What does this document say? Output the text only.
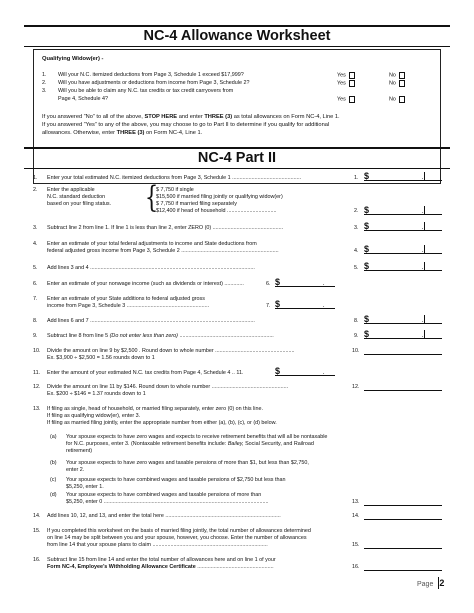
NC-4 Allowance Worksheet
Qualifying Widow(er) -
1. Will your N.C. itemized deductions from Page 3, Schedule 1 exceed $17,999?	Yes	No
2. Will you have adjustments or deductions from income from Page 3, Schedule 2?	Yes	No
3. Will you be able to claim any N.C. tax credits or tax credit carryovers from
Page 4, Schedule 4?	Yes	No
If you answered “No” to all of the above, STOP HERE and enter THREE (3) as total allowances on Form NC-4, Line 1.
If you answered “Yes” to any of the above, you may choose to go to Part II to determine if you qualify for additional
allowances. Otherwise, enter THREE (3) on Form NC-4, Line 1.
NC-4 Part II
1. Enter your total estimated N.C. itemized deductions from Page 3, Schedule 1 ..............................................	1. $	.
2. Enter the applicable
N.C. standard deduction
based on your filing status. {
$ 7,750 if single
$15,500 if married filing jointly or qualifying widow(er)
$ 7,750 if married filing separately
$12,400 if head of household .................................	2. $	.
3. Subtract line 2 from line 1. If line 1 is less than line 2, enter ZERO (0) ...............................................	3. $	.
4. Enter an estimate of your total federal adjustments to income and State deductions from
federal adjusted gross income from Page 3, Schedule 2 .................................................................	4. $	.
5. Add lines 3 and 4 ..............................................................................................................	5. $	.
6. Enter an estimate of your nonwage income (such as dividends or interest) .............	6. $	.
7. Enter an estimate of your State additions to federal adjusted gross
income from Page 3, Schedule 3 .......................................................	7. $	.
8. Add lines 6 and 7 ..............................................................................................................	8. $	.
9. Subtract line 8 from line 5 (Do not enter less than zero) ...............................................................	9. $	.
10. Divide the amount on line 9 by $2,500 . Round down to whole number .....................................................
Ex. $3,900 ÷ $2,500 = 1.56 rounds down to 1
10.
11. Enter the amount of your estimated N.C. tax credits from Page 4, Schedule 4 .. 11.	$	.
12. Divide the amount on line 11 by $146. Round down to whole number ...................................................
Ex. $200 ÷ $146 = 1.37 rounds down to 1
12.
13. If filing as single, head of household, or married filing separately, enter zero (0) on this line.
If filing as qualifying widow(er), enter 3.
If filing as married filing jointly, enter the appropriate number from either (a), (b), (c), or (d) below.
(a) Your spouse expects to have zero wages and expects to receive retirement benefits that will all be nontaxable
for N.C. purposes, enter 3. (Nontaxable retirement benefits include: Bailey, Social Security, and Railroad
retirement)
(b) Your spouse expects to have zero wages and taxable pensions of more than $1, but less than $2,750,
enter 2.
(c) Your spouse expects to have combined wages and taxable pensions of $2,750 but less than
$5,250, enter 1.
(d) Your spouse expects to have combined wages and taxable pensions of more than
$5,250, enter 0 ..............................................................................................................	13.
14. Add lines 10, 12, and 13, and enter the total here .............................................................................	14.
15. If you completed this worksheet on the basis of married filing jointly, the total number of allowances determined
on line 14 may be split between you and your spouse, however, you choose. Enter the number of allowances
from line 14 that your spouse plans to claim .............................................................................	15.
16. Subtract line 15 from line 14 and enter the total number of allowances here and on line 1 of your
Form NC-4, Employee’s Withholding Allowance Certificate ...................................................	16.
Page 2
